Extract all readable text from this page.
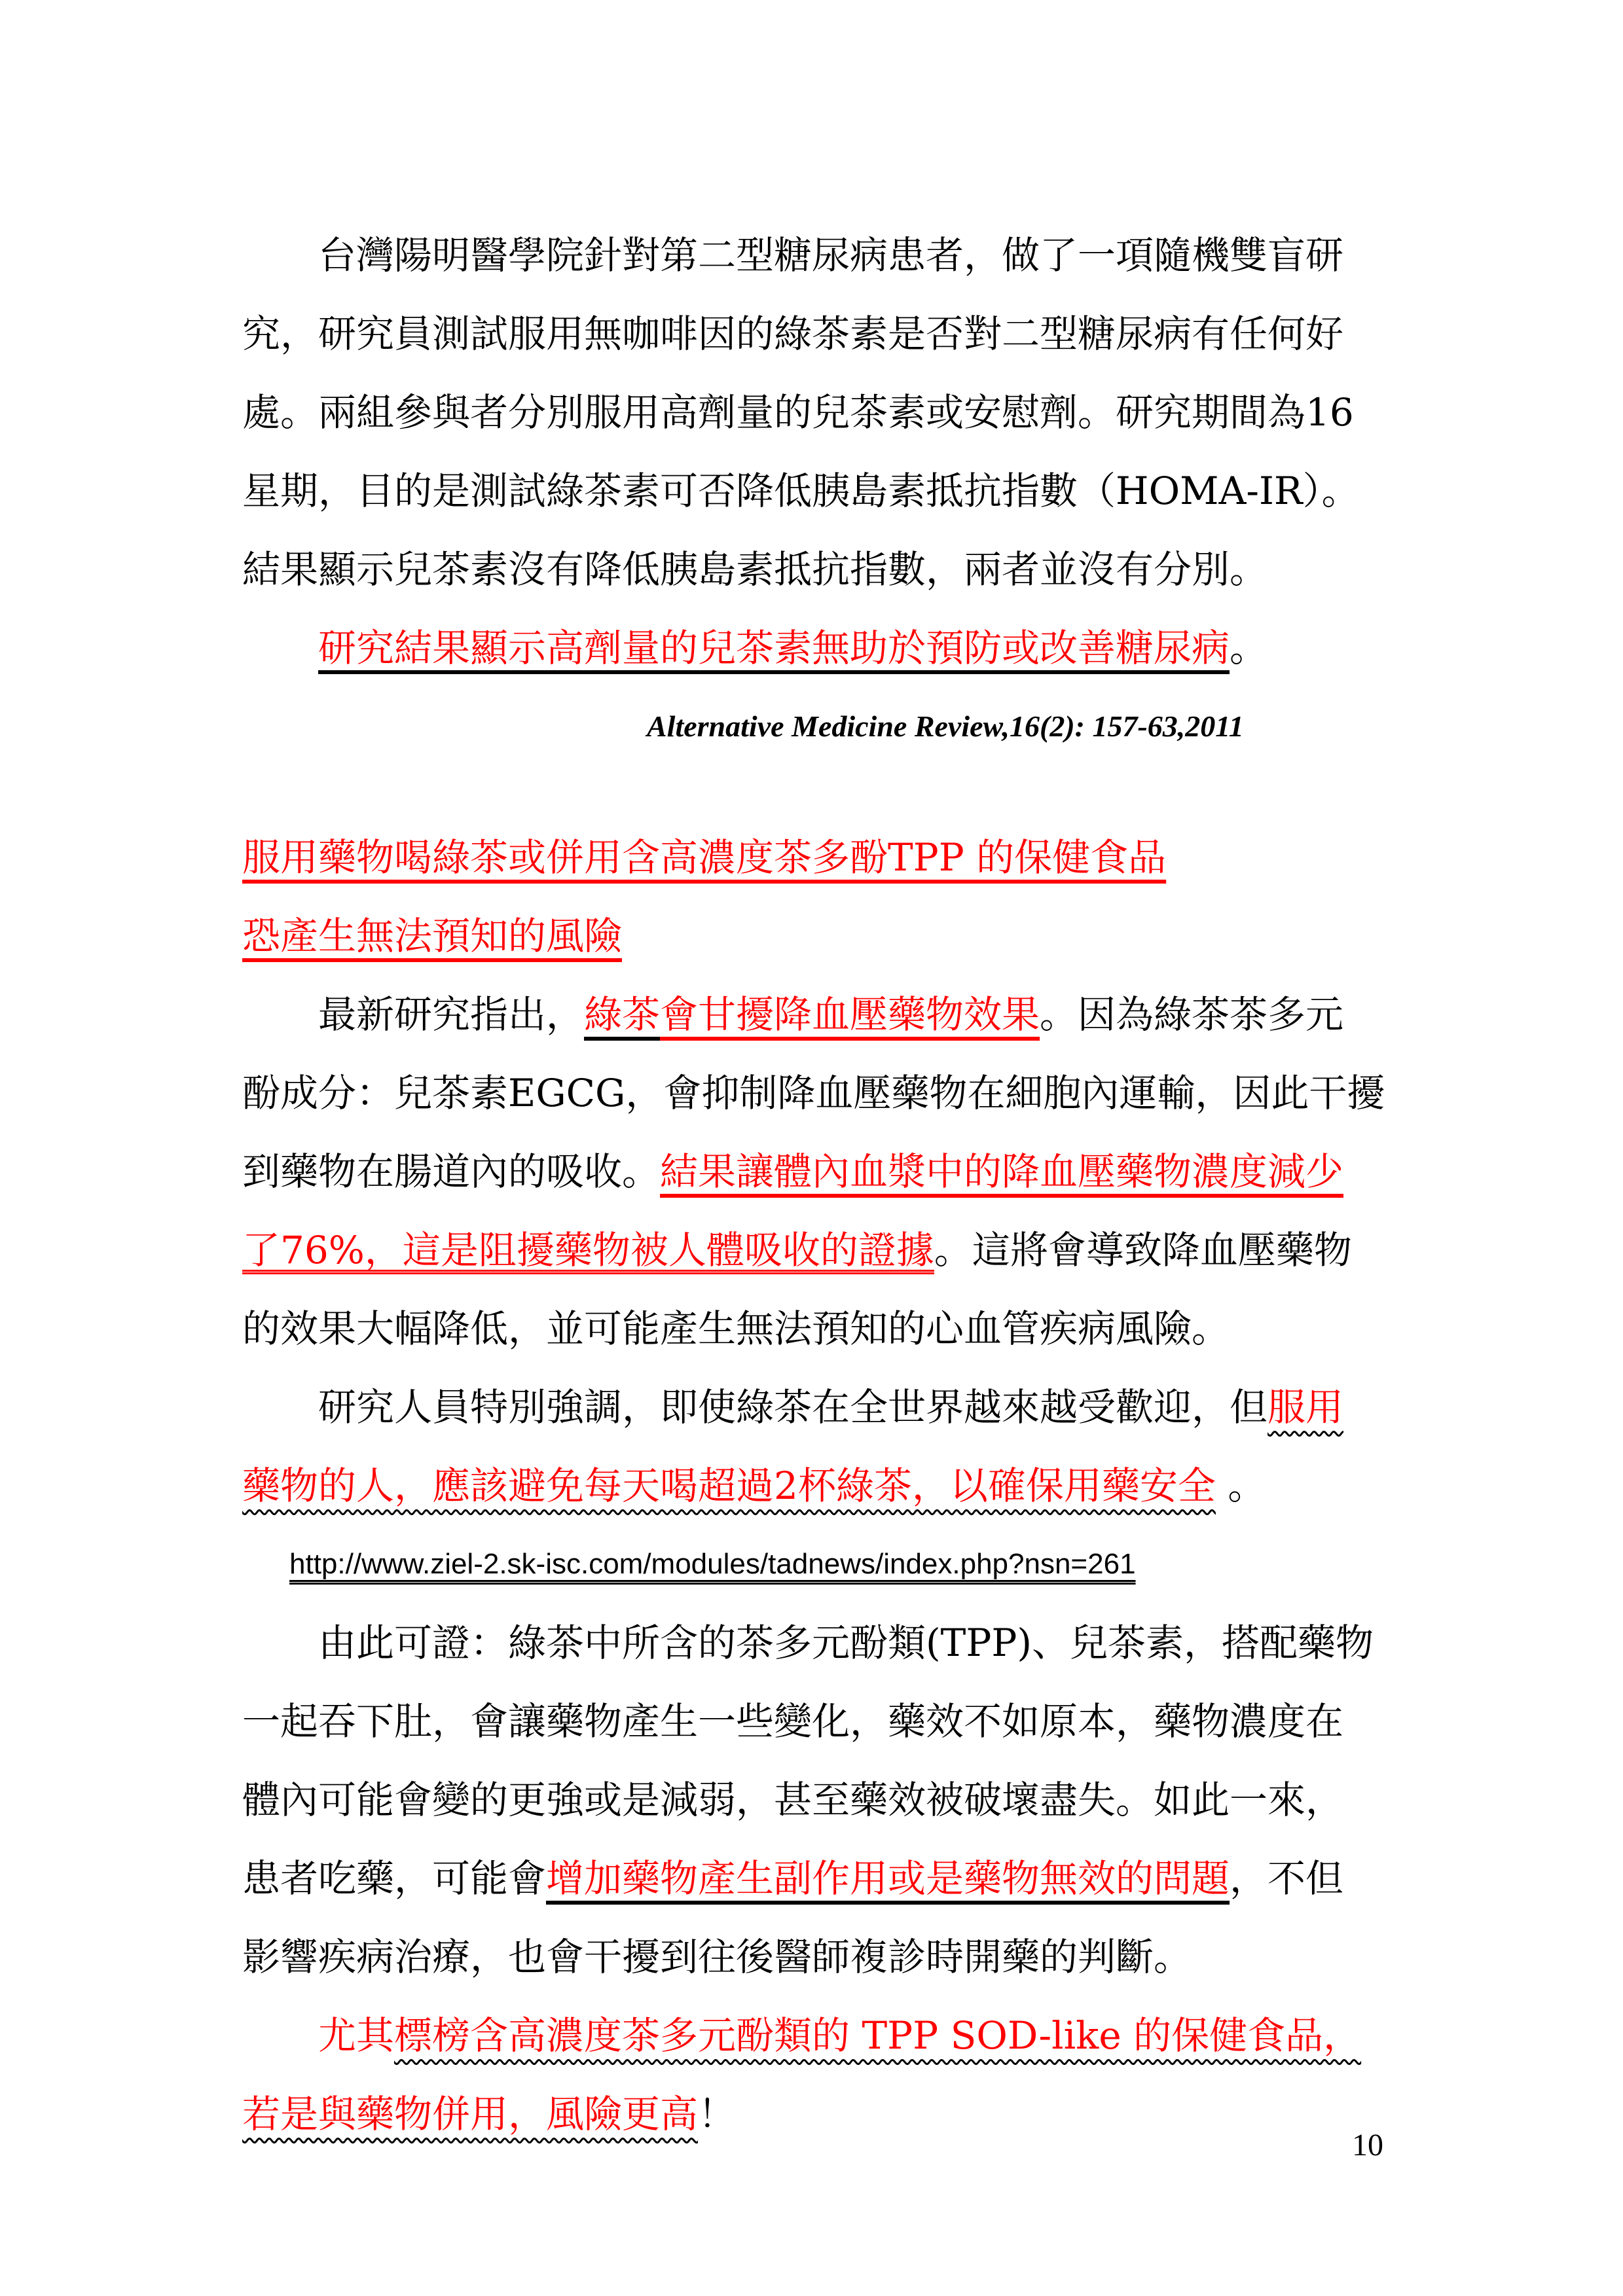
台灣陽明醫學院針對第二型糖尿病患者，做了一項隨機雙盲研
究，研究員測試服用無咖啡因的綠茶素是否對二型糖尿病有任何好
處。兩組參與者分別服用高劑量的兒茶素或安慰劑。研究期間為16
星期，目的是測試綠茶素可否降低胰島素抵抗指數（HOMA-IR）。
結果顯示兒茶素沒有降低胰島素抵抗指數，兩者並沒有分別。
研究結果顯示高劑量的兒茶素無助於預防或改善糖尿病。
Alternative Medicine Review,16(2): 157-63,2011
服用藥物喝綠茶或併用含高濃度茶多酚TPP 的保健食品
恐產生無法預知的風險
最新研究指出，綠茶會甘擾降血壓藥物效果。因為綠茶茶多元
酚成分：兒茶素EGCG，會抑制降血壓藥物在細胞內運輸，因此干擾
到藥物在腸道內的吸收。結果讓體內血漿中的降血壓藥物濃度減少
了76%，這是阻擾藥物被人體吸收的證據。這將會導致降血壓藥物
的效果大幅降低，並可能產生無法預知的心血管疾病風險。
研究人員特別強調，即使綠茶在全世界越來越受歡迎，但服用
藥物的人，應該避免每天喝超過2杯綠茶，以確保用藥安全 。
http://www.ziel-2.sk-isc.com/modules/tadnews/index.php?nsn=261
由此可證：綠茶中所含的茶多元酚類(TPP)、兒茶素，搭配藥物
一起吞下肚，會讓藥物產生一些變化，藥效不如原本，藥物濃度在
體內可能會變的更強或是減弱，甚至藥效被破壞盡失。如此一來，
患者吃藥，可能會增加藥物產生副作用或是藥物無效的問題，不但
影響疾病治療，也會干擾到往後醫師複診時開藥的判斷。
尤其標榜含高濃度茶多元酚類的 TPP SOD-like 的保健食品，
若是與藥物併用，風險更高！
10
